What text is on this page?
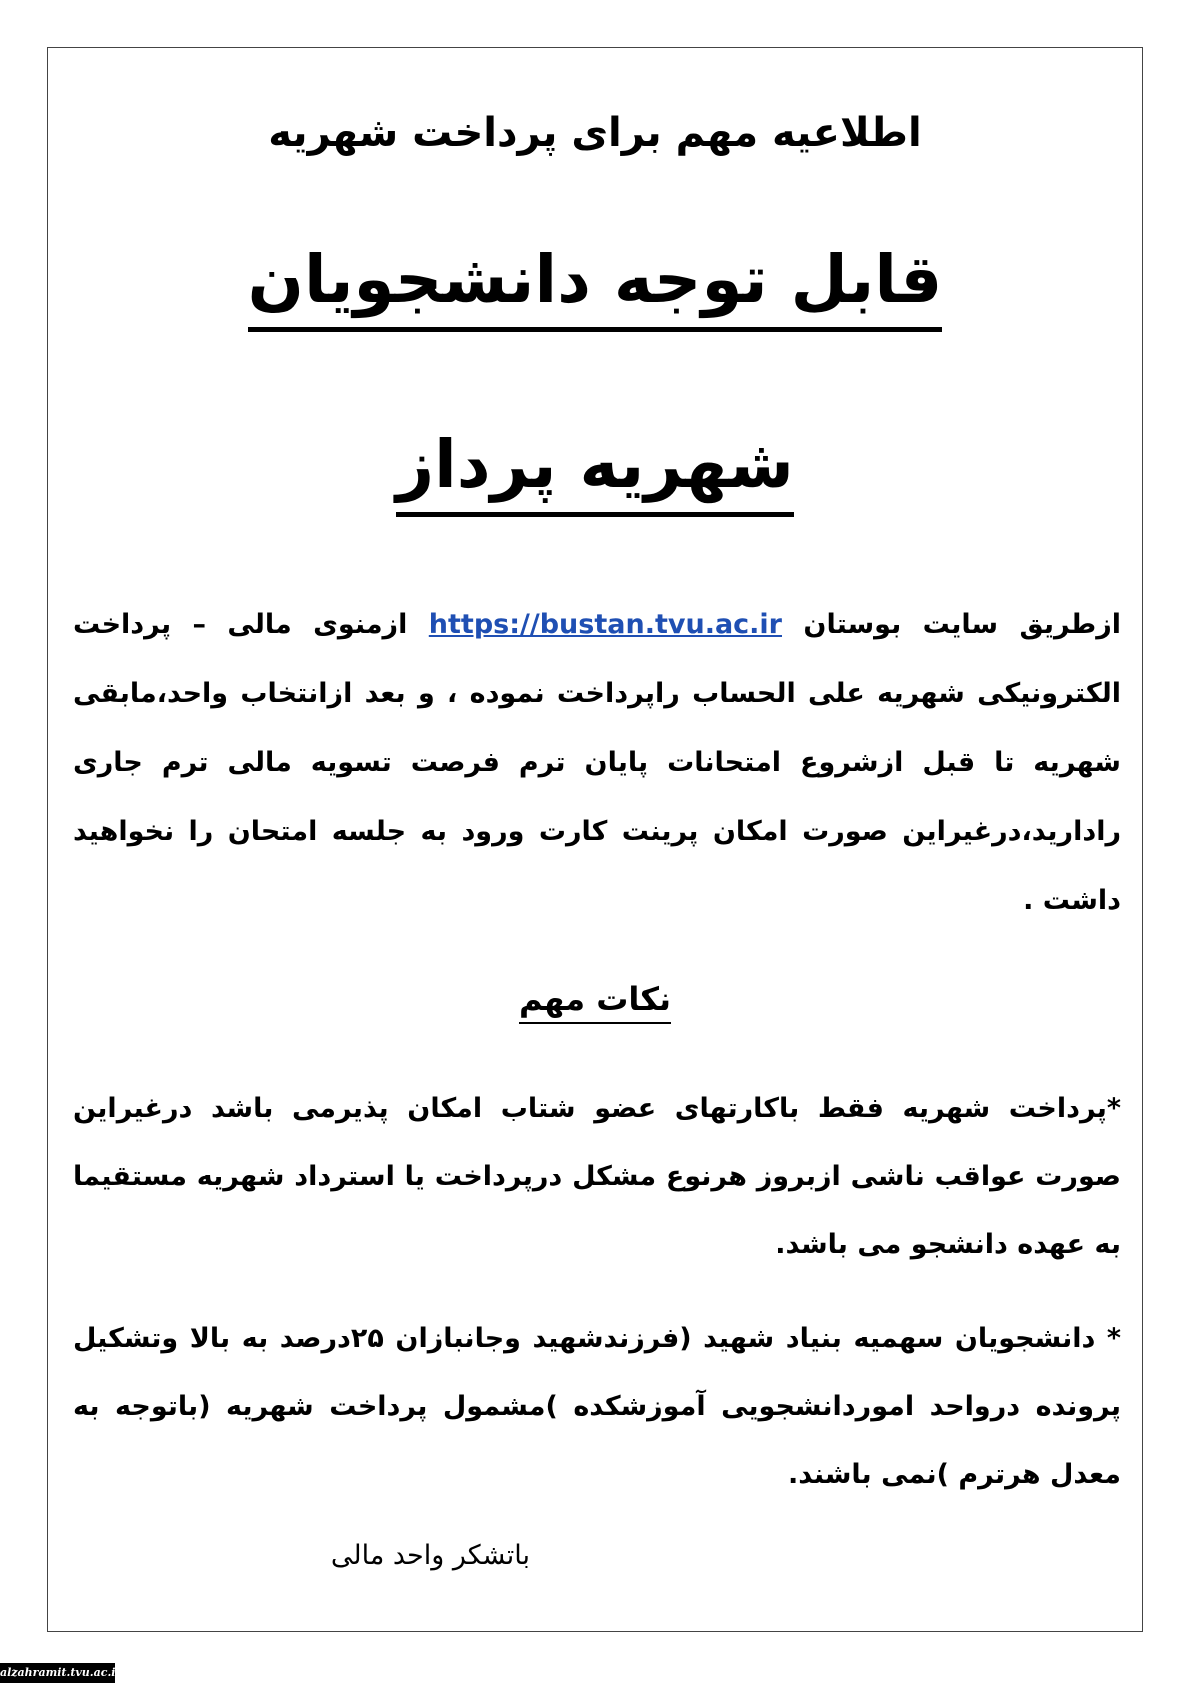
اطلاعیه مهم برای پرداخت شهریه
قابل توجه دانشجویان
شهریه پرداز
ازطریق سایت بوستان https://bustan.tvu.ac.ir ازمنوی مالی – پرداخت الکترونیکی شهریه علی الحساب راپرداخت نموده ، و بعد ازانتخاب واحد،مابقی شهریه تا قبل ازشروع امتحانات پایان ترم فرصت تسویه مالی ترم جاری رادارید،درغیراین صورت امکان پرینت کارت ورود به جلسه امتحان را نخواهید داشت .
نکات مهم
*پرداخت شهریه فقط باکارتهای عضو شتاب امکان پذیرمی باشد درغیراین صورت عواقب ناشی ازبروز هرنوع مشکل درپرداخت یا استرداد شهریه مستقیما به عهده دانشجو می باشد.
* دانشجویان سهمیه بنیاد شهید (فرزندشهید وجانبازان ۲۵درصد به بالا وتشکیل پرونده درواحد اموردانشجویی آموزشکده )مشمول پرداخت شهریه (باتوجه به معدل هرترم )نمی باشند.
باتشکر واحد مالی
alzahramit.tvu.ac.ir
